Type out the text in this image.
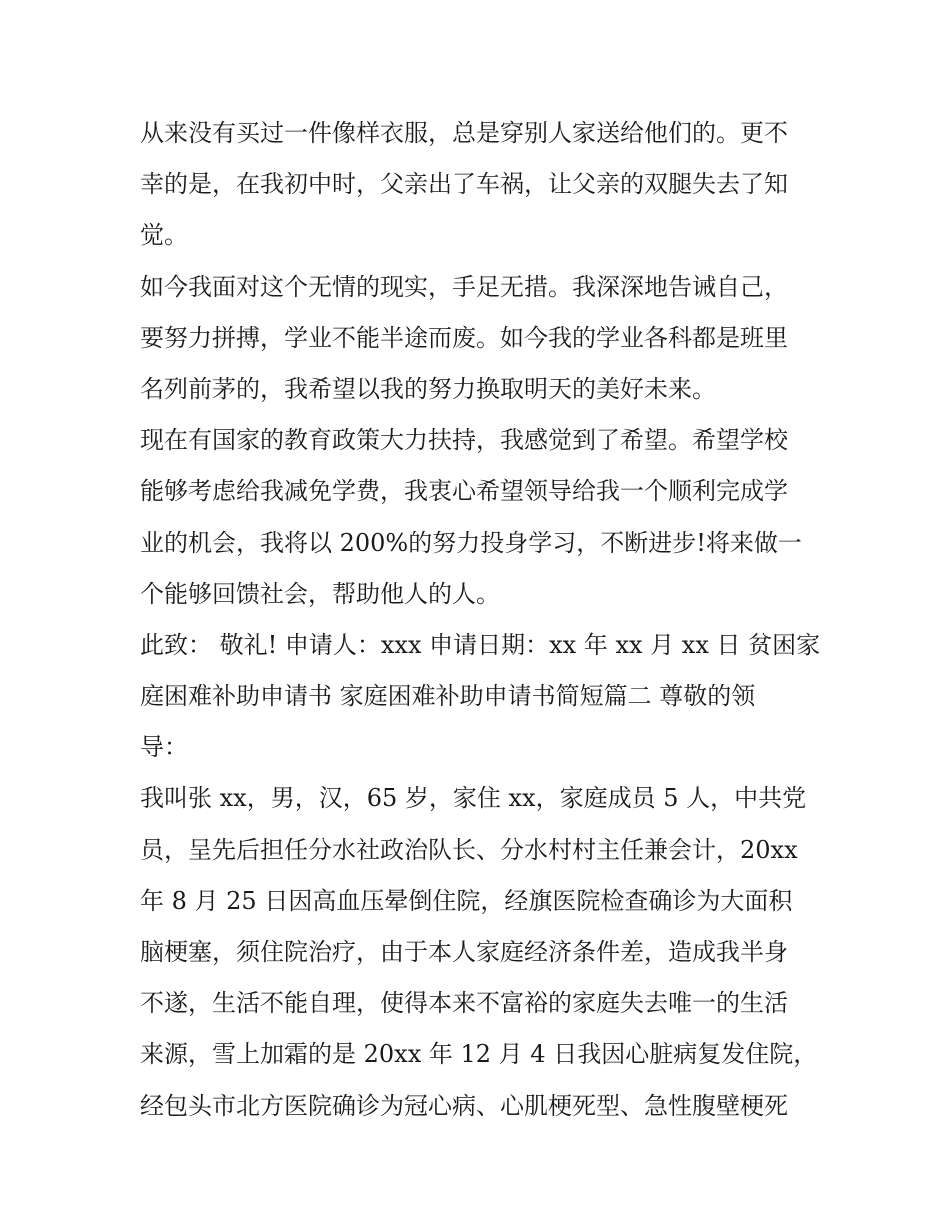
从来没有买过一件像样衣服，总是穿别人家送给他们的。更不
幸的是，在我初中时，父亲出了车祸，让父亲的双腿失去了知
觉。
如今我面对这个无情的现实，手足无措。我深深地告诫自己，
要努力拼搏，学业不能半途而废。如今我的学业各科都是班里
名列前茅的，我希望以我的努力换取明天的美好未来。
现在有国家的教育政策大力扶持，我感觉到了希望。希望学校
能够考虑给我减免学费，我衷心希望领导给我一个顺利完成学
业的机会，我将以 200%的努力投身学习，不断进步!将来做一
个能够回馈社会，帮助他人的人。
此致： 敬礼! 申请人：xxx 申请日期：xx 年 xx 月 xx 日 贫困家
庭困难补助申请书 家庭困难补助申请书简短篇二 尊敬的领
导：
我叫张 xx，男，汉，65 岁，家住 xx，家庭成员 5 人，中共党
员，呈先后担任分水社政治队长、分水村村主任兼会计，20xx
年 8 月 25 日因高血压晕倒住院，经旗医院检查确诊为大面积
脑梗塞，须住院治疗，由于本人家庭经济条件差，造成我半身
不遂，生活不能自理，使得本来不富裕的家庭失去唯一的生活
来源，雪上加霜的是 20xx 年 12 月 4 日我因心脏病复发住院，
经包头市北方医院确诊为冠心病、心肌梗死型、急性腹壁梗死
